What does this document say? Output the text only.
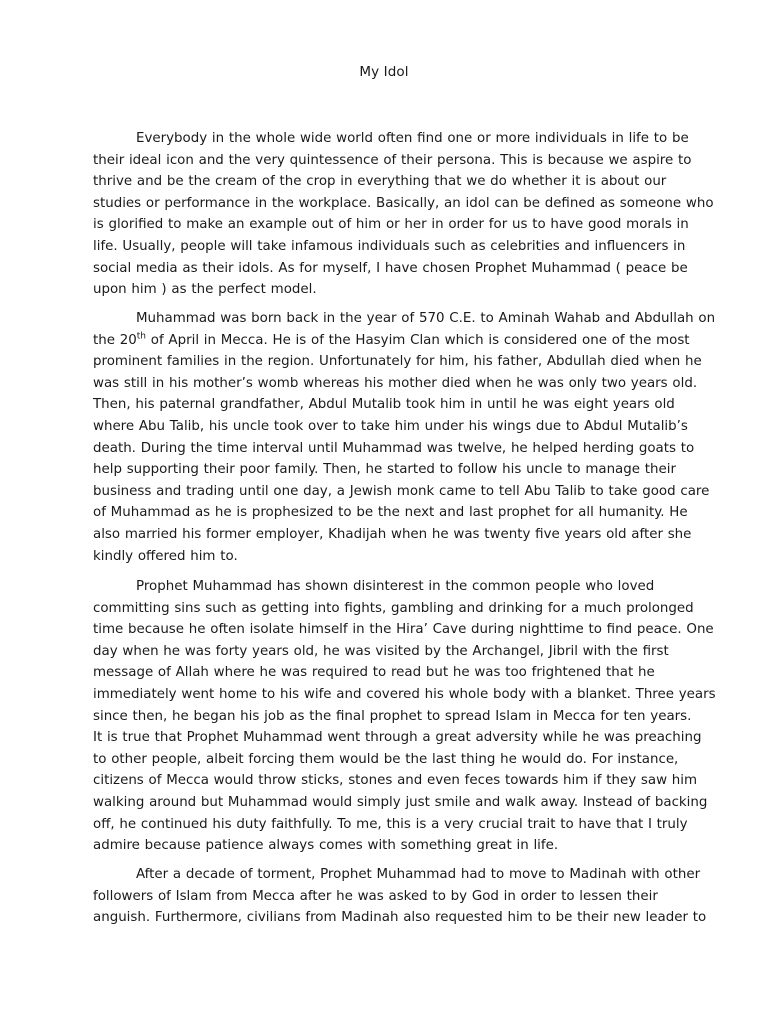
My Idol
Everybody in the whole wide world often find one or more individuals in life to be
their ideal icon and the very quintessence of their persona. This is because we aspire to
thrive and be the cream of the crop in everything that we do whether it is about our
studies or performance in the workplace. Basically, an idol can be defined as someone who
is glorified to make an example out of him or her in order for us to have good morals in
life. Usually, people will take infamous individuals such as celebrities and influencers in
social media as their idols. As for myself, I have chosen Prophet Muhammad ( peace be
upon him ) as the perfect model.
Muhammad was born back in the year of 570 C.E. to Aminah Wahab and Abdullah on
the 20th of April in Mecca. He is of the Hasyim Clan which is considered one of the most
prominent families in the region. Unfortunately for him, his father, Abdullah died when he
was still in his mother’s womb whereas his mother died when he was only two years old.
Then, his paternal grandfather, Abdul Mutalib took him in until he was eight years old
where Abu Talib, his uncle took over to take him under his wings due to Abdul Mutalib’s
death. During the time interval until Muhammad was twelve, he helped herding goats to
help supporting their poor family. Then, he started to follow his uncle to manage their
business and trading until one day, a Jewish monk came to tell Abu Talib to take good care
of Muhammad as he is prophesized to be the next and last prophet for all humanity. He
also married his former employer, Khadijah when he was twenty five years old after she
kindly offered him to.
Prophet Muhammad has shown disinterest in the common people who loved
committing sins such as getting into fights, gambling and drinking for a much prolonged
time because he often isolate himself in the Hira’ Cave during nighttime to find peace. One
day when he was forty years old, he was visited by the Archangel, Jibril with the first
message of Allah where he was required to read but he was too frightened that he
immediately went home to his wife and covered his whole body with a blanket. Three years
since then, he began his job as the final prophet to spread Islam in Mecca for ten years.
It is true that Prophet Muhammad went through a great adversity while he was preaching
to other people, albeit forcing them would be the last thing he would do. For instance,
citizens of Mecca would throw sticks, stones and even feces towards him if they saw him
walking around but Muhammad would simply just smile and walk away. Instead of backing
off, he continued his duty faithfully. To me, this is a very crucial trait to have that I truly
admire because patience always comes with something great in life.
After a decade of torment, Prophet Muhammad had to move to Madinah with other
followers of Islam from Mecca after he was asked to by God in order to lessen their
anguish. Furthermore, civilians from Madinah also requested him to be their new leader to
